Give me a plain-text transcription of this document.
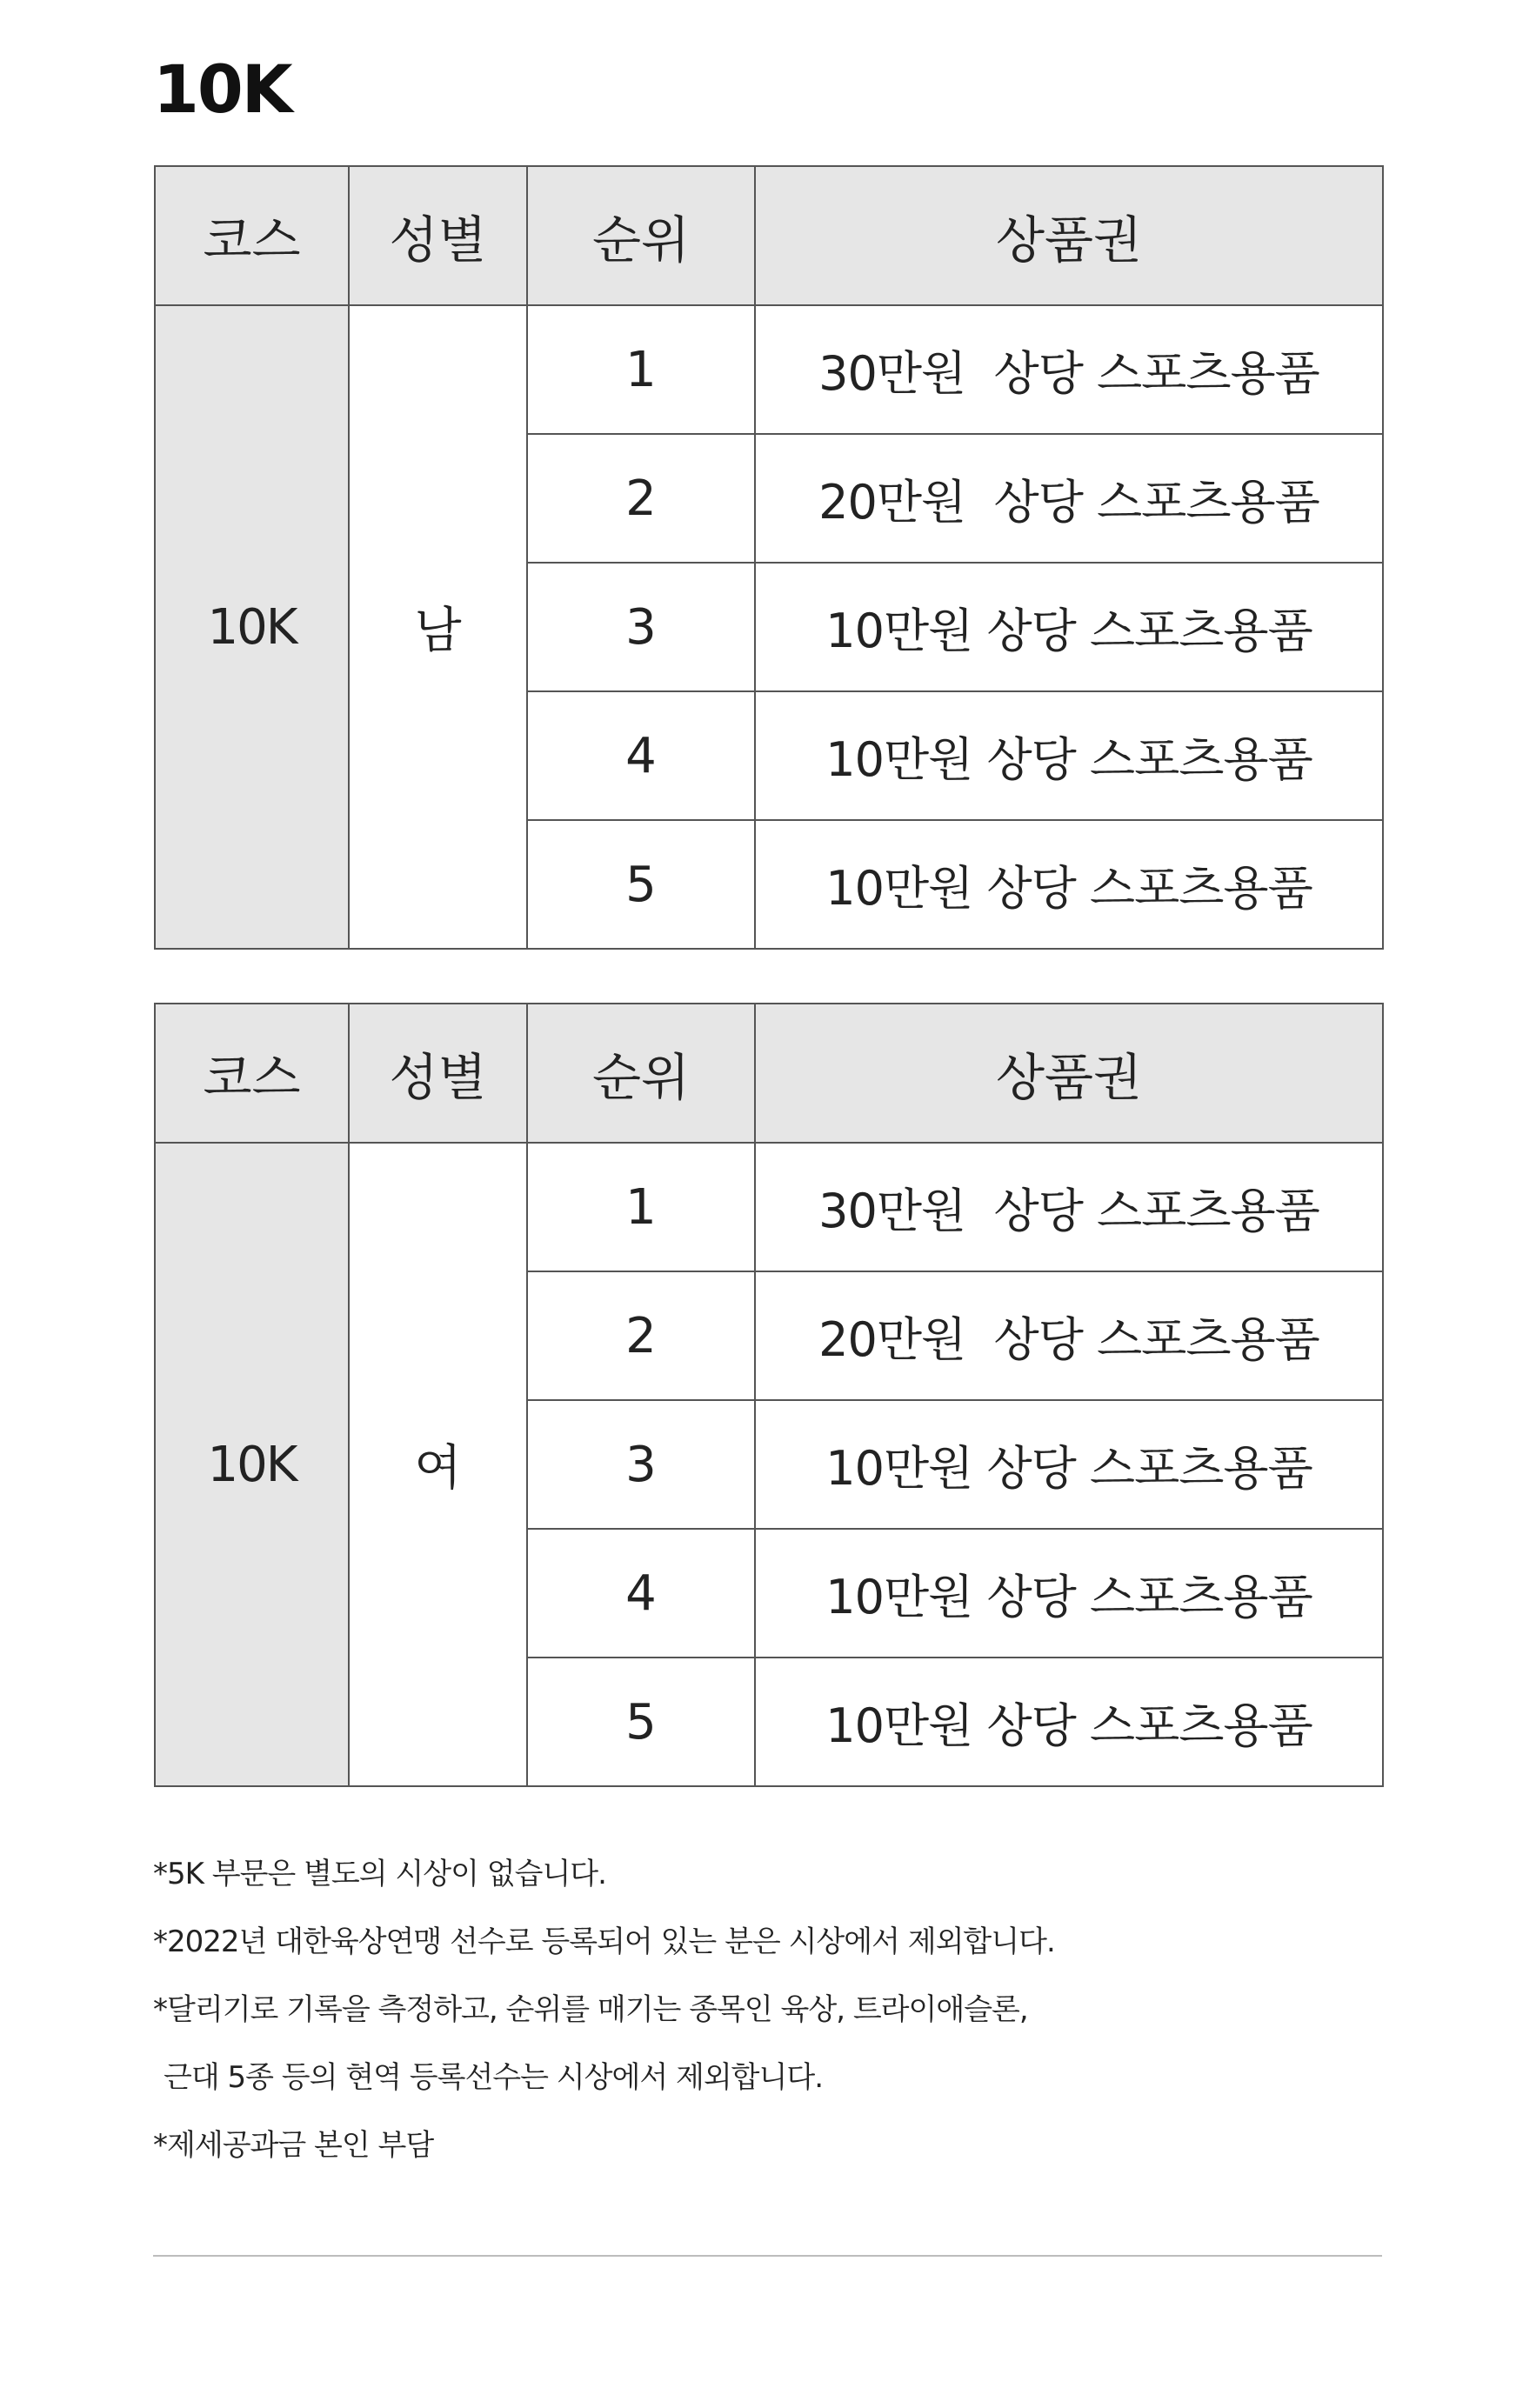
10K
코스	성별	순위	상품권
10K	남	1	30만원  상당 스포츠용품
		2	20만원  상당 스포츠용품
		3	10만원 상당 스포츠용품
		4	10만원 상당 스포츠용품
		5	10만원 상당 스포츠용품
코스	성별	순위	상품권
10K	여	1	30만원  상당 스포츠용품
		2	20만원  상당 스포츠용품
		3	10만원 상당 스포츠용품
		4	10만원 상당 스포츠용품
		5	10만원 상당 스포츠용품
*5K 부문은 별도의 시상이 없습니다.
*2022년 대한육상연맹 선수로 등록되어 있는 분은 시상에서 제외합니다.
*달리기로 기록을 측정하고, 순위를 매기는 종목인 육상, 트라이애슬론,
근대 5종 등의 현역 등록선수는 시상에서 제외합니다.
*제세공과금 본인 부담
